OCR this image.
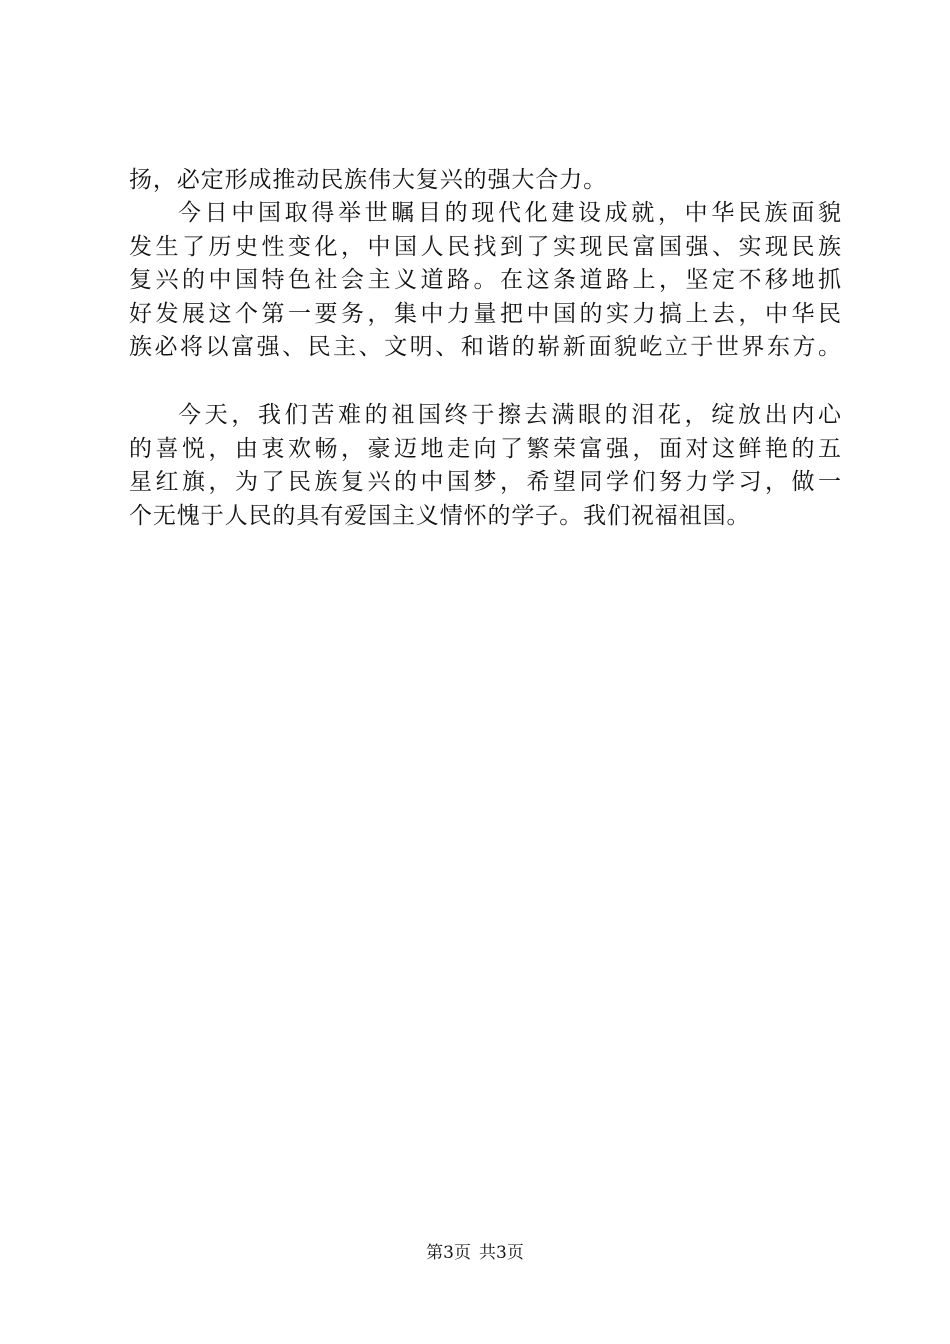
扬，必定形成推动民族伟大复兴的强大合力。
今日中国取得举世瞩目的现代化建设成就，中华民族面貌
发生了历史性变化，中国人民找到了实现民富国强、实现民族
复兴的中国特色社会主义道路。在这条道路上，坚定不移地抓
好发展这个第一要务，集中力量把中国的实力搞上去，中华民
族必将以富强、民主、文明、和谐的崭新面貌屹立于世界东方。
今天，我们苦难的祖国终于擦去满眼的泪花，绽放出内心
的喜悦，由衷欢畅，豪迈地走向了繁荣富强，面对这鲜艳的五
星红旗，为了民族复兴的中国梦，希望同学们努力学习，做一
个无愧于人民的具有爱国主义情怀的学子。我们祝福祖国。
第3页 共3页
